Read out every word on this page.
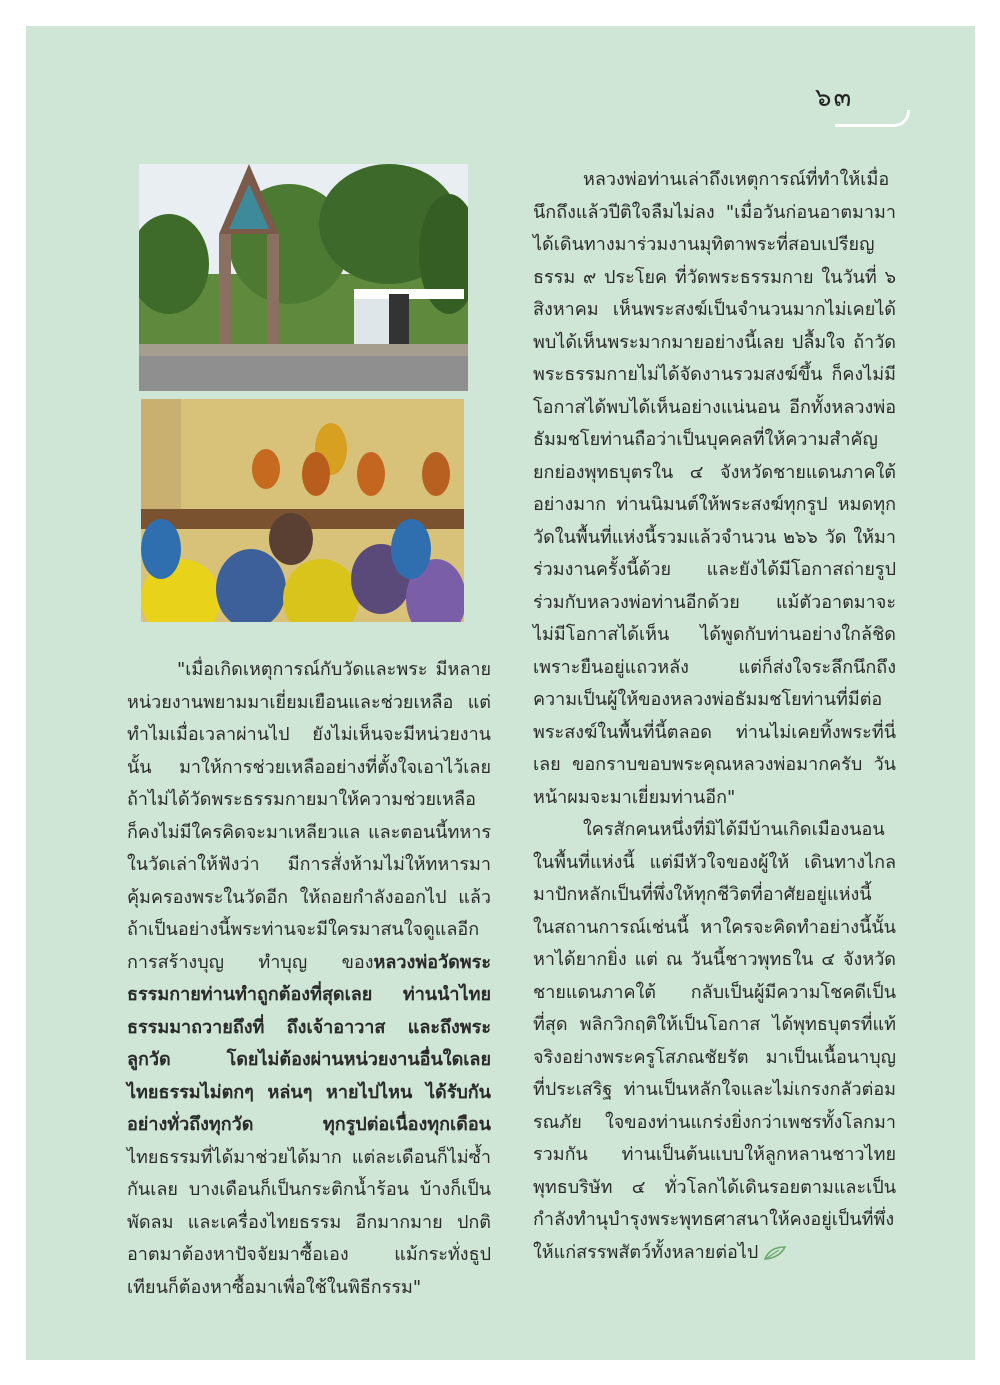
๖๓

หลวงพ่อท่านเล่าถึงเหตุการณ์ที่ทำให้เมื่อนึกถึงแล้วปีติใจลืมไม่ลง "เมื่อวันก่อนอาตมามาได้เดินทางมาร่วมงานมุทิตาพระที่สอบเปรียญธรรม ๙ ประโยค ที่วัดพระธรรมกาย ในวันที่ ๖ สิงหาคม เห็นพระสงฆ์เป็นจำนวนมากไม่เคยได้พบได้เห็นพระมากมายอย่างนี้เลย ปลื้มใจ ถ้าวัดพระธรรมกายไม่ได้จัดงานรวมสงฆ์ขึ้น ก็คงไม่มีโอกาสได้พบได้เห็นอย่างแน่นอน อีกทั้งหลวงพ่อธัมมชโยท่านถือว่าเป็นบุคคลที่ให้ความสำคัญ ยกย่องพุทธบุตรใน ๔ จังหวัดชายแดนภาคใต้อย่างมาก ท่านนิมนต์ให้พระสงฆ์ทุกรูป หมดทุกวัดในพื้นที่แห่งนี้รวมแล้วจำนวน ๒๖๖ วัด ให้มาร่วมงานครั้งนี้ด้วย และยังได้มีโอกาสถ่ายรูปร่วมกับหลวงพ่อท่านอีกด้วย แม้ตัวอาตมาจะไม่มีโอกาสได้เห็น ได้พูดกับท่านอย่างใกล้ชิดเพราะยืนอยู่แถวหลัง แต่ก็ส่งใจระลึกนึกถึงความเป็นผู้ให้ของหลวงพ่อธัมมชโยท่านที่มีต่อพระสงฆ์ในพื้นที่นี้ตลอด ท่านไม่เคยทิ้งพระที่นี่เลย ขอกราบขอบพระคุณหลวงพ่อมากครับ วันหน้าผมจะมาเยี่ยมท่านอีก"

ใครสักคนหนึ่งที่มิได้มีบ้านเกิดเมืองนอนในพื้นที่แห่งนี้ แต่มีหัวใจของผู้ให้ เดินทางไกลมาปักหลักเป็นที่พึ่งให้ทุกชีวิตที่อาศัยอยู่แห่งนี้ ในสถานการณ์เช่นนี้ หาใครจะคิดทำอย่างนี้นั้นหาได้ยากยิ่ง แต่ ณ วันนี้ชาวพุทธใน ๔ จังหวัดชายแดนภาคใต้ กลับเป็นผู้มีความโชคดีเป็นที่สุด พลิกวิกฤติให้เป็นโอกาส ได้พุทธบุตรที่แท้จริงอย่างพระครูโสภณชัยรัต มาเป็นเนื้อนาบุญที่ประเสริฐ ท่านเป็นหลักใจและไม่เกรงกลัวต่อมรณภัย ใจของท่านแกร่งยิ่งกว่าเพชรทั้งโลกมารวมกัน ท่านเป็นต้นแบบให้ลูกหลานชาวไทย พุทธบริษัท ๔ ทั่วโลกได้เดินรอยตามและเป็นกำลังทำนุบำรุงพระพุทธศาสนาให้คงอยู่เป็นที่พึ่งให้แก่สรรพสัตว์ทั้งหลายต่อไป

"เมื่อเกิดเหตุการณ์กับวัดและพระ มีหลายหน่วยงานพยามมาเยี่ยมเยือนและช่วยเหลือ แต่ทำไมเมื่อเวลาผ่านไป ยังไม่เห็นจะมีหน่วยงานนั้น มาให้การช่วยเหลืออย่างที่ตั้งใจเอาไว้เลย ถ้าไม่ได้วัดพระธรรมกายมาให้ความช่วยเหลือ ก็คงไม่มีใครคิดจะมาเหลียวแล และตอนนี้ทหารในวัดเล่าให้ฟังว่า มีการสั่งห้ามไม่ให้ทหารมาคุ้มครองพระในวัดอีก ให้ถอยกำลังออกไป แล้วถ้าเป็นอย่างนี้พระท่านจะมีใครมาสนใจดูแลอีก การสร้างบุญ ทำบุญ ของหลวงพ่อวัดพระธรรมกายท่านทำถูกต้องที่สุดเลย ท่านนำไทยธรรมมาถวายถึงที่ ถึงเจ้าอาวาส และถึงพระลูกวัด โดยไม่ต้องผ่านหน่วยงานอื่นใดเลย ไทยธรรมไม่ตกๆ หล่นๆ หายไปไหน ได้รับกันอย่างทั่วถึงทุกวัด ทุกรูปต่อเนื่องทุกเดือน ไทยธรรมที่ได้มาช่วยได้มาก แต่ละเดือนก็ไม่ซ้ำกันเลย บางเดือนก็เป็นกระติกน้ำร้อน บ้างก็เป็นพัดลม และเครื่องไทยธรรม อีกมากมาย ปกติอาตมาต้องหาปัจจัยมาซื้อเอง แม้กระทั่งธูปเทียนก็ต้องหาซื้อมาเพื่อใช้ในพิธีกรรม"
